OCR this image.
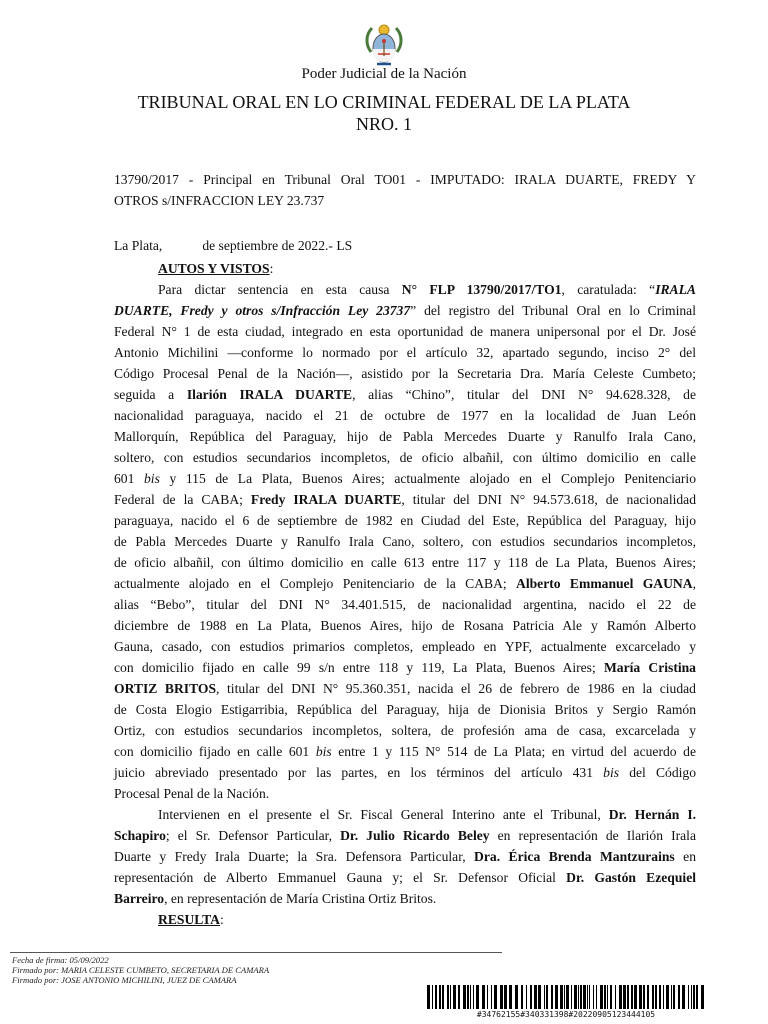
Poder Judicial de la Nación
TRIBUNAL ORAL EN LO CRIMINAL FEDERAL DE LA PLATA
NRO. 1
13790/2017 - Principal en Tribunal Oral TO01 - IMPUTADO: IRALA DUARTE, FREDY Y
OTROS s/INFRACCION LEY 23.737
La Plata,	de septiembre de 2022.- LS
AUTOS Y VISTOS:
Para dictar sentencia en esta causa N° FLP 13790/2017/TO1, caratulada: “IRALA
DUARTE, Fredy y otros s/Infracción Ley 23737” del registro del Tribunal Oral en lo Criminal
Federal N° 1 de esta ciudad, integrado en esta oportunidad de manera unipersonal por el Dr. José
Antonio Michilini —conforme lo normado por el artículo 32, apartado segundo, inciso 2° del
Código Procesal Penal de la Nación—, asistido por la Secretaria Dra. María Celeste Cumbeto;
seguida a Ilarión IRALA DUARTE, alias “Chino”, titular del DNI N° 94.628.328, de
nacionalidad paraguaya, nacido el 21 de octubre de 1977 en la localidad de Juan León
Mallorquín, República del Paraguay, hijo de Pabla Mercedes Duarte y Ranulfo Irala Cano,
soltero, con estudios secundarios incompletos, de oficio albañil, con último domicilio en calle
601 bis y 115 de La Plata, Buenos Aires; actualmente alojado en el Complejo Penitenciario
Federal de la CABA; Fredy IRALA DUARTE, titular del DNI N° 94.573.618, de nacionalidad
paraguaya, nacido el 6 de septiembre de 1982 en Ciudad del Este, República del Paraguay, hijo
de Pabla Mercedes Duarte y Ranulfo Irala Cano, soltero, con estudios secundarios incompletos,
de oficio albañil, con último domicilio en calle 613 entre 117 y 118 de La Plata, Buenos Aires;
actualmente alojado en el Complejo Penitenciario de la CABA; Alberto Emmanuel GAUNA,
alias “Bebo”, titular del DNI N° 34.401.515, de nacionalidad argentina, nacido el 22 de
diciembre de 1988 en La Plata, Buenos Aires, hijo de Rosana Patricia Ale y Ramón Alberto
Gauna, casado, con estudios primarios completos, empleado en YPF, actualmente excarcelado y
con domicilio fijado en calle 99 s/n entre 118 y 119, La Plata, Buenos Aires; María Cristina
ORTIZ BRITOS, titular del DNI N° 95.360.351, nacida el 26 de febrero de 1986 en la ciudad
de Costa Elogio Estigarribia, República del Paraguay, hija de Dionisia Britos y Sergio Ramón
Ortiz, con estudios secundarios incompletos, soltera, de profesión ama de casa, excarcelada y
con domicilio fijado en calle 601 bis entre 1 y 115 N° 514 de La Plata; en virtud del acuerdo de
juicio abreviado presentado por las partes, en los términos del artículo 431 bis del Código
Procesal Penal de la Nación.
Intervienen en el presente el Sr. Fiscal General Interino ante el Tribunal, Dr. Hernán I.
Schapiro; el Sr. Defensor Particular, Dr. Julio Ricardo Beley en representación de Ilarión Irala
Duarte y Fredy Irala Duarte; la Sra. Defensora Particular, Dra. Érica Brenda Mantzurains en
representación de Alberto Emmanuel Gauna y; el Sr. Defensor Oficial Dr. Gastón Ezequiel
Barreiro, en representación de María Cristina Ortiz Britos.
RESULTA:
Fecha de firma: 05/09/2022
Firmado por: MARIA CELESTE CUMBETO, SECRETARIA DE CAMARA
Firmado por: JOSE ANTONIO MICHILINI, JUEZ DE CAMARA
#34762155#340331398#20220905123444105
